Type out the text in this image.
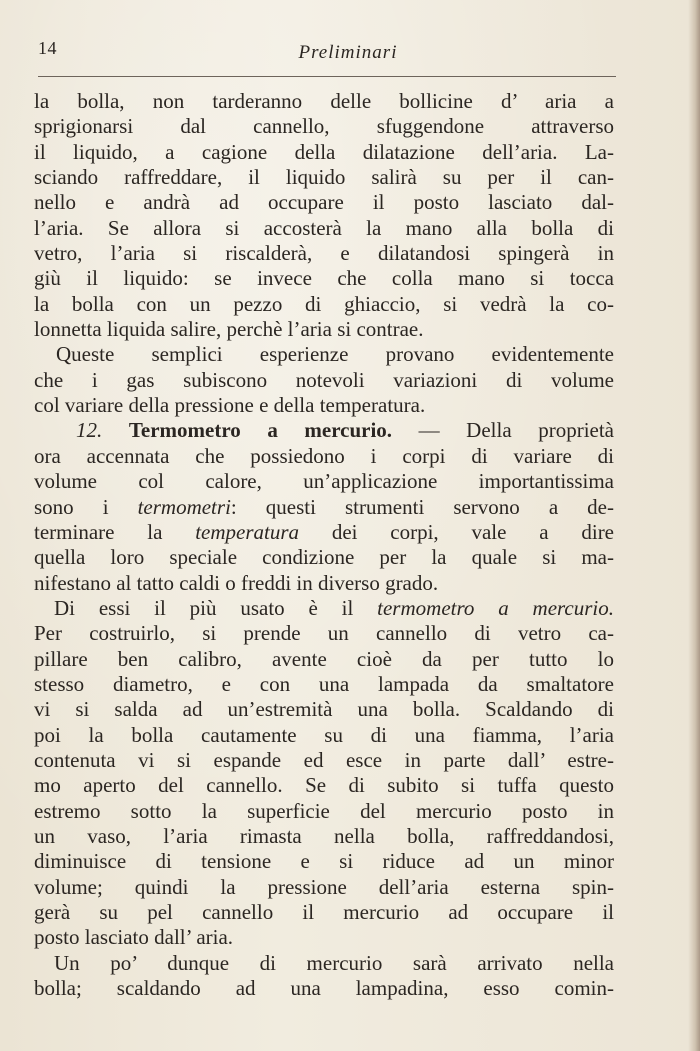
14	Preliminari
la bolla, non tarderanno delle bollicine d’ aria a
sprigionarsi dal cannello, sfuggendone attraverso
il liquido, a cagione della dilatazione dell’aria. La-
sciando raffreddare, il liquido salirà su per il can-
nello e andrà ad occupare il posto lasciato dal-
l’aria. Se allora si accosterà la mano alla bolla di
vetro, l’aria si riscalderà, e dilatandosi spingerà in
giù il liquido: se invece che colla mano si tocca
la bolla con un pezzo di ghiaccio, si vedrà la co-
lonnetta liquida salire, perchè l’aria si contrae.
Queste semplici esperienze provano evidentemente
che i gas subiscono notevoli variazioni di volume
col variare della pressione e della temperatura.
12. Termometro a mercurio. — Della proprietà
ora accennata che possiedono i corpi di variare di
volume col calore, un’applicazione importantissima
sono i termometri: questi strumenti servono a de-
terminare la temperatura dei corpi, vale a dire
quella loro speciale condizione per la quale si ma-
nifestano al tatto caldi o freddi in diverso grado.
Di essi il più usato è il termometro a mercurio.
Per costruirlo, si prende un cannello di vetro ca-
pillare ben calibro, avente cioè da per tutto lo
stesso diametro, e con una lampada da smaltatore
vi si salda ad un’estremità una bolla. Scaldando di
poi la bolla cautamente su di una fiamma, l’aria
contenuta vi si espande ed esce in parte dall’ estre-
mo aperto del cannello. Se di subito si tuffa questo
estremo sotto la superficie del mercurio posto in
un vaso, l’aria rimasta nella bolla, raffreddandosi,
diminuisce di tensione e si riduce ad un minor
volume; quindi la pressione dell’aria esterna spin-
gerà su pel cannello il mercurio ad occupare il
posto lasciato dall’ aria.
Un po’ dunque di mercurio sarà arrivato nella
bolla; scaldando ad una lampadina, esso comin-
